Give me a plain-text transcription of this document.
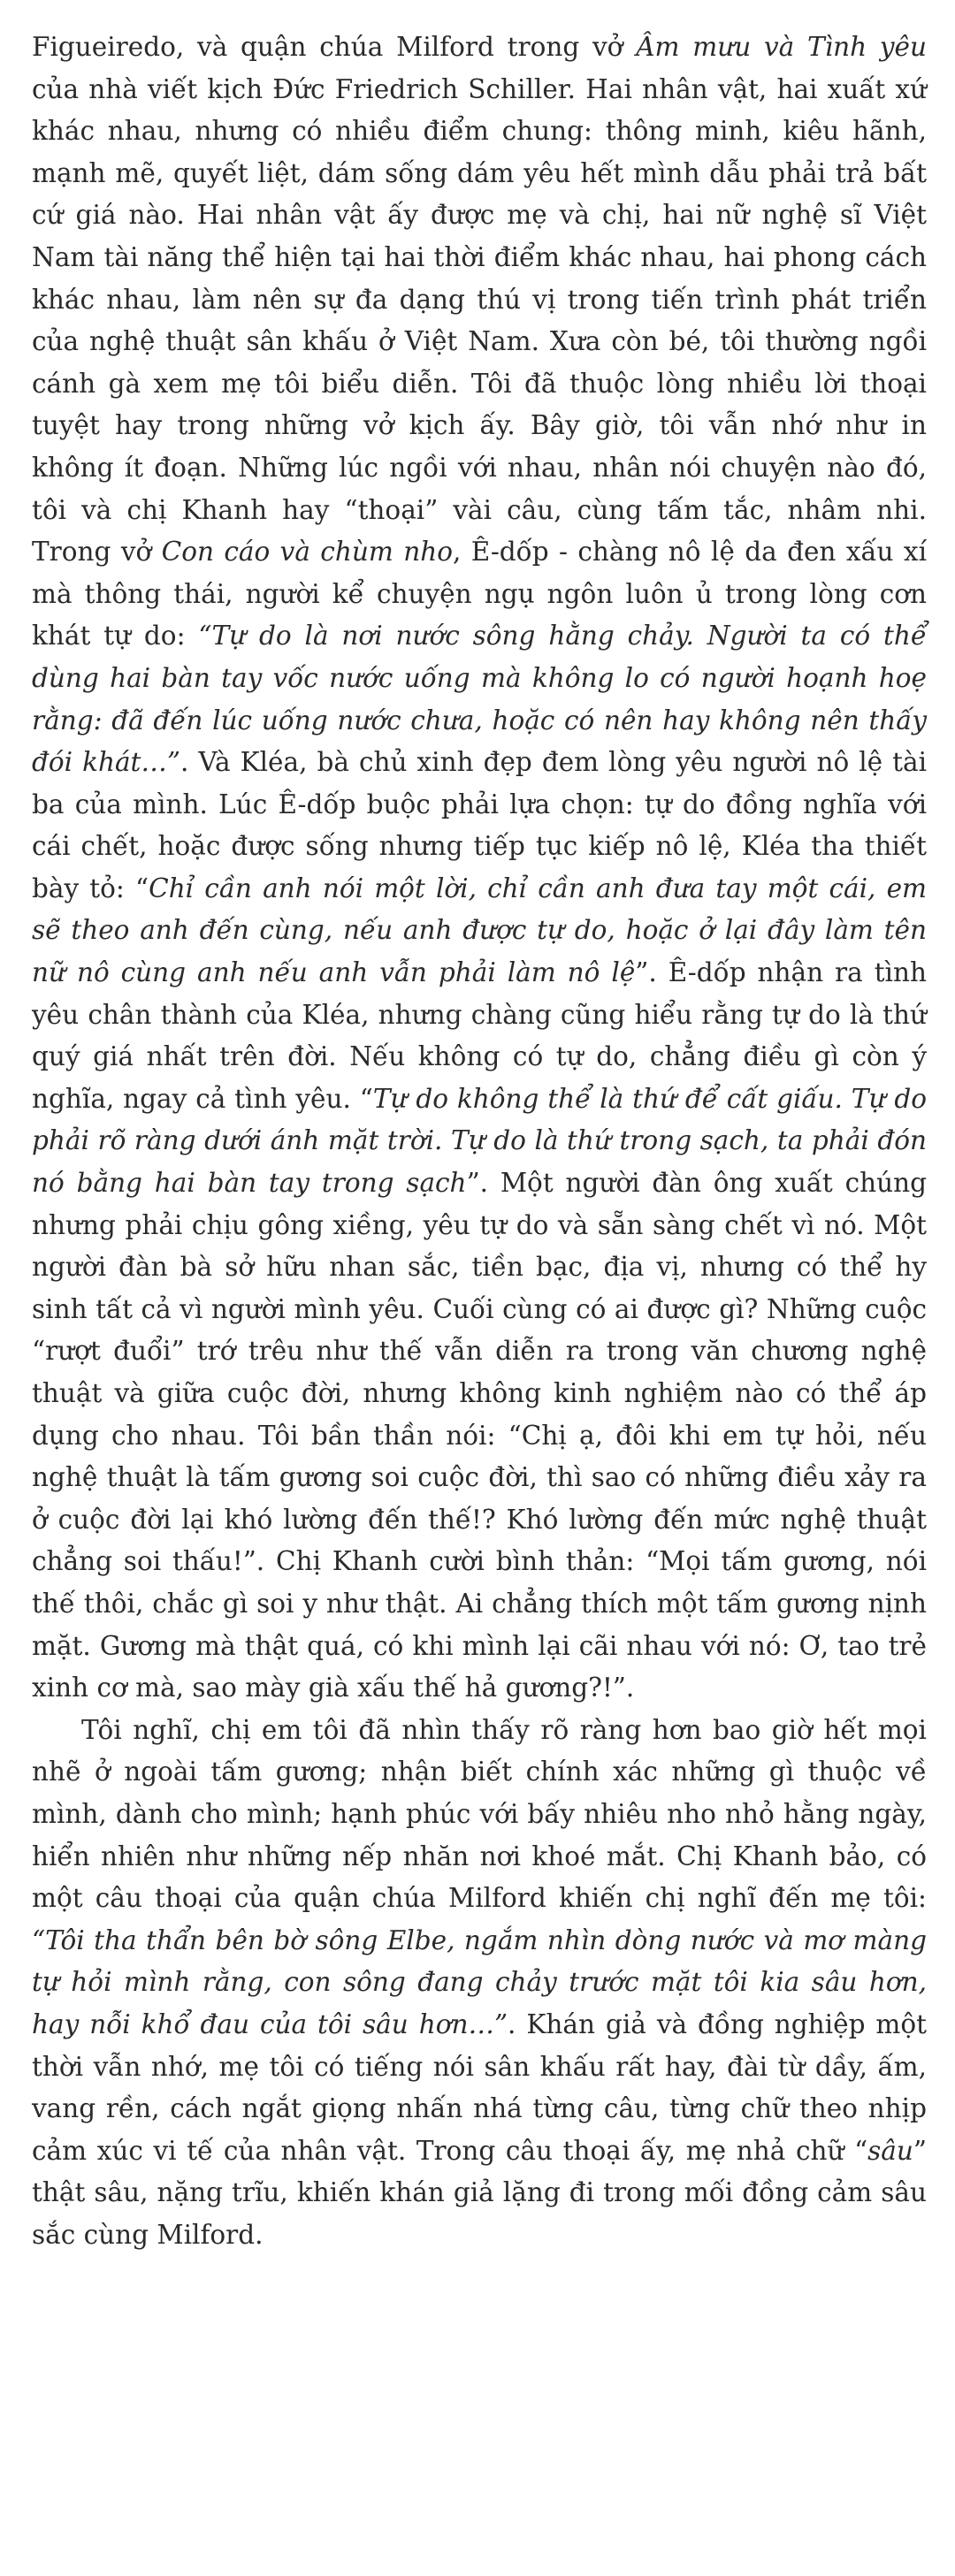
Figueiredo, và quận chúa Milford trong vở Âm mưu và Tình yêu của nhà viết kịch Đức Friedrich Schiller. Hai nhân vật, hai xuất xứ khác nhau, nhưng có nhiều điểm chung: thông minh, kiêu hãnh, mạnh mẽ, quyết liệt, dám sống dám yêu hết mình dẫu phải trả bất cứ giá nào. Hai nhân vật ấy được mẹ và chị, hai nữ nghệ sĩ Việt Nam tài năng thể hiện tại hai thời điểm khác nhau, hai phong cách khác nhau, làm nên sự đa dạng thú vị trong tiến trình phát triển của nghệ thuật sân khấu ở Việt Nam. Xưa còn bé, tôi thường ngồi cánh gà xem mẹ tôi biểu diễn. Tôi đã thuộc lòng nhiều lời thoại tuyệt hay trong những vở kịch ấy. Bây giờ, tôi vẫn nhớ như in không ít đoạn. Những lúc ngồi với nhau, nhân nói chuyện nào đó, tôi và chị Khanh hay “thoại” vài câu, cùng tấm tắc, nhâm nhi. Trong vở Con cáo và chùm nho, Ê-dốp - chàng nô lệ da đen xấu xí mà thông thái, người kể chuyện ngụ ngôn luôn ủ trong lòng cơn khát tự do: “Tự do là nơi nước sông hằng chảy. Người ta có thể dùng hai bàn tay vốc nước uống mà không lo có người hoạnh hoẹ rằng: đã đến lúc uống nước chưa, hoặc có nên hay không nên thấy đói khát…”. Và Kléa, bà chủ xinh đẹp đem lòng yêu người nô lệ tài ba của mình. Lúc Ê-dốp buộc phải lựa chọn: tự do đồng nghĩa với cái chết, hoặc được sống nhưng tiếp tục kiếp nô lệ, Kléa tha thiết bày tỏ: “Chỉ cần anh nói một lời, chỉ cần anh đưa tay một cái, em sẽ theo anh đến cùng, nếu anh được tự do, hoặc ở lại đây làm tên nữ nô cùng anh nếu anh vẫn phải làm nô lệ”. Ê-dốp nhận ra tình yêu chân thành của Kléa, nhưng chàng cũng hiểu rằng tự do là thứ quý giá nhất trên đời. Nếu không có tự do, chẳng điều gì còn ý nghĩa, ngay cả tình yêu. “Tự do không thể là thứ để cất giấu. Tự do phải rõ ràng dưới ánh mặt trời. Tự do là thứ trong sạch, ta phải đón nó bằng hai bàn tay trong sạch”. Một người đàn ông xuất chúng nhưng phải chịu gông xiềng, yêu tự do và sẵn sàng chết vì nó. Một người đàn bà sở hữu nhan sắc, tiền bạc, địa vị, nhưng có thể hy sinh tất cả vì người mình yêu. Cuối cùng có ai được gì? Những cuộc “rượt đuổi” trớ trêu như thế vẫn diễn ra trong văn chương nghệ thuật và giữa cuộc đời, nhưng không kinh nghiệm nào có thể áp dụng cho nhau. Tôi bần thần nói: “Chị ạ, đôi khi em tự hỏi, nếu nghệ thuật là tấm gương soi cuộc đời, thì sao có những điều xảy ra ở cuộc đời lại khó lường đến thế!? Khó lường đến mức nghệ thuật chẳng soi thấu!”. Chị Khanh cười bình thản: “Mọi tấm gương, nói thế thôi, chắc gì soi y như thật. Ai chẳng thích một tấm gương nịnh mặt. Gương mà thật quá, có khi mình lại cãi nhau với nó: Ơ, tao trẻ xinh cơ mà, sao mày già xấu thế hả gương?!”.

Tôi nghĩ, chị em tôi đã nhìn thấy rõ ràng hơn bao giờ hết mọi nhẽ ở ngoài tấm gương; nhận biết chính xác những gì thuộc về mình, dành cho mình; hạnh phúc với bấy nhiêu nho nhỏ hằng ngày, hiển nhiên như những nếp nhăn nơi khoé mắt. Chị Khanh bảo, có một câu thoại của quận chúa Milford khiến chị nghĩ đến mẹ tôi: “Tôi tha thẩn bên bờ sông Elbe, ngắm nhìn dòng nước và mơ màng tự hỏi mình rằng, con sông đang chảy trước mặt tôi kia sâu hơn, hay nỗi khổ đau của tôi sâu hơn…”. Khán giả và đồng nghiệp một thời vẫn nhớ, mẹ tôi có tiếng nói sân khấu rất hay, đài từ dầy, ấm, vang rền, cách ngắt giọng nhấn nhá từng câu, từng chữ theo nhịp cảm xúc vi tế của nhân vật. Trong câu thoại ấy, mẹ nhả chữ “sâu” thật sâu, nặng trĩu, khiến khán giả lặng đi trong mối đồng cảm sâu sắc cùng Milford.
